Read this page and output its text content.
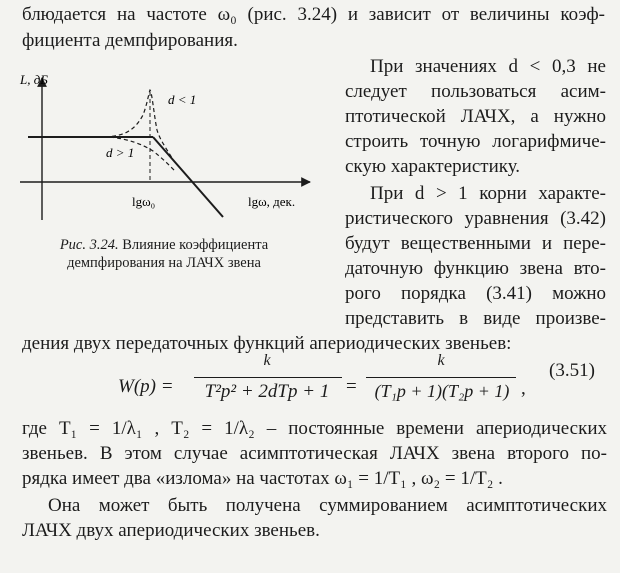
блюдается на частоте ω₀ (рис. 3.24) и зависит от величины коэф-
фициента демпфирования.
L, дБ
d < 1
d > 1
lgω₀	lgω, дек.
Рис. 3.24. Влияние коэффициента
демпфирования на ЛАЧХ звена
При значениях d < 0,3 не
следует пользоваться асим-
птотической ЛАЧХ, а нужно
строить точную логарифмиче-
скую характеристику.
При d > 1 корни характе-
ристического уравнения (3.42)
будут вещественными и пере-
даточную функцию звена вто-
рого порядка (3.41) можно
представить в виде произве-
дения двух передаточных функций апериодических звеньев:
W(p) =
k
T²p² + 2dTp + 1 =
k
(T₁p + 1)(T₂p + 1) ,
(3.51)
где T₁ = 1/λ₁ , T₂ = 1/λ₂ – постоянные времени апериодических
звеньев. В этом случае асимптотическая ЛАЧХ звена второго по-
рядка имеет два «излома» на частотах ω₁ = 1/T₁ , ω₂ = 1/T₂ .
Она может быть получена суммированием асимптотических
ЛАЧХ двух апериодических звеньев.
